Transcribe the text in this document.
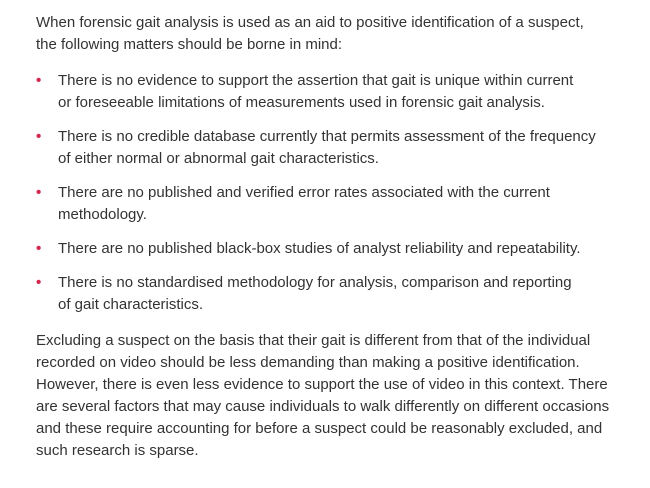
When forensic gait analysis is used as an aid to positive identification of a suspect,
the following matters should be borne in mind:

• There is no evidence to support the assertion that gait is unique within current
or foreseeable limitations of measurements used in forensic gait analysis.
• There is no credible database currently that permits assessment of the frequency
of either normal or abnormal gait characteristics.
• There are no published and verified error rates associated with the current
methodology.
• There are no published black-box studies of analyst reliability and repeatability.
• There is no standardised methodology for analysis, comparison and reporting
of gait characteristics.

Excluding a suspect on the basis that their gait is different from that of the individual
recorded on video should be less demanding than making a positive identification.
However, there is even less evidence to support the use of video in this context. There
are several factors that may cause individuals to walk differently on different occasions
and these require accounting for before a suspect could be reasonably excluded, and
such research is sparse.
